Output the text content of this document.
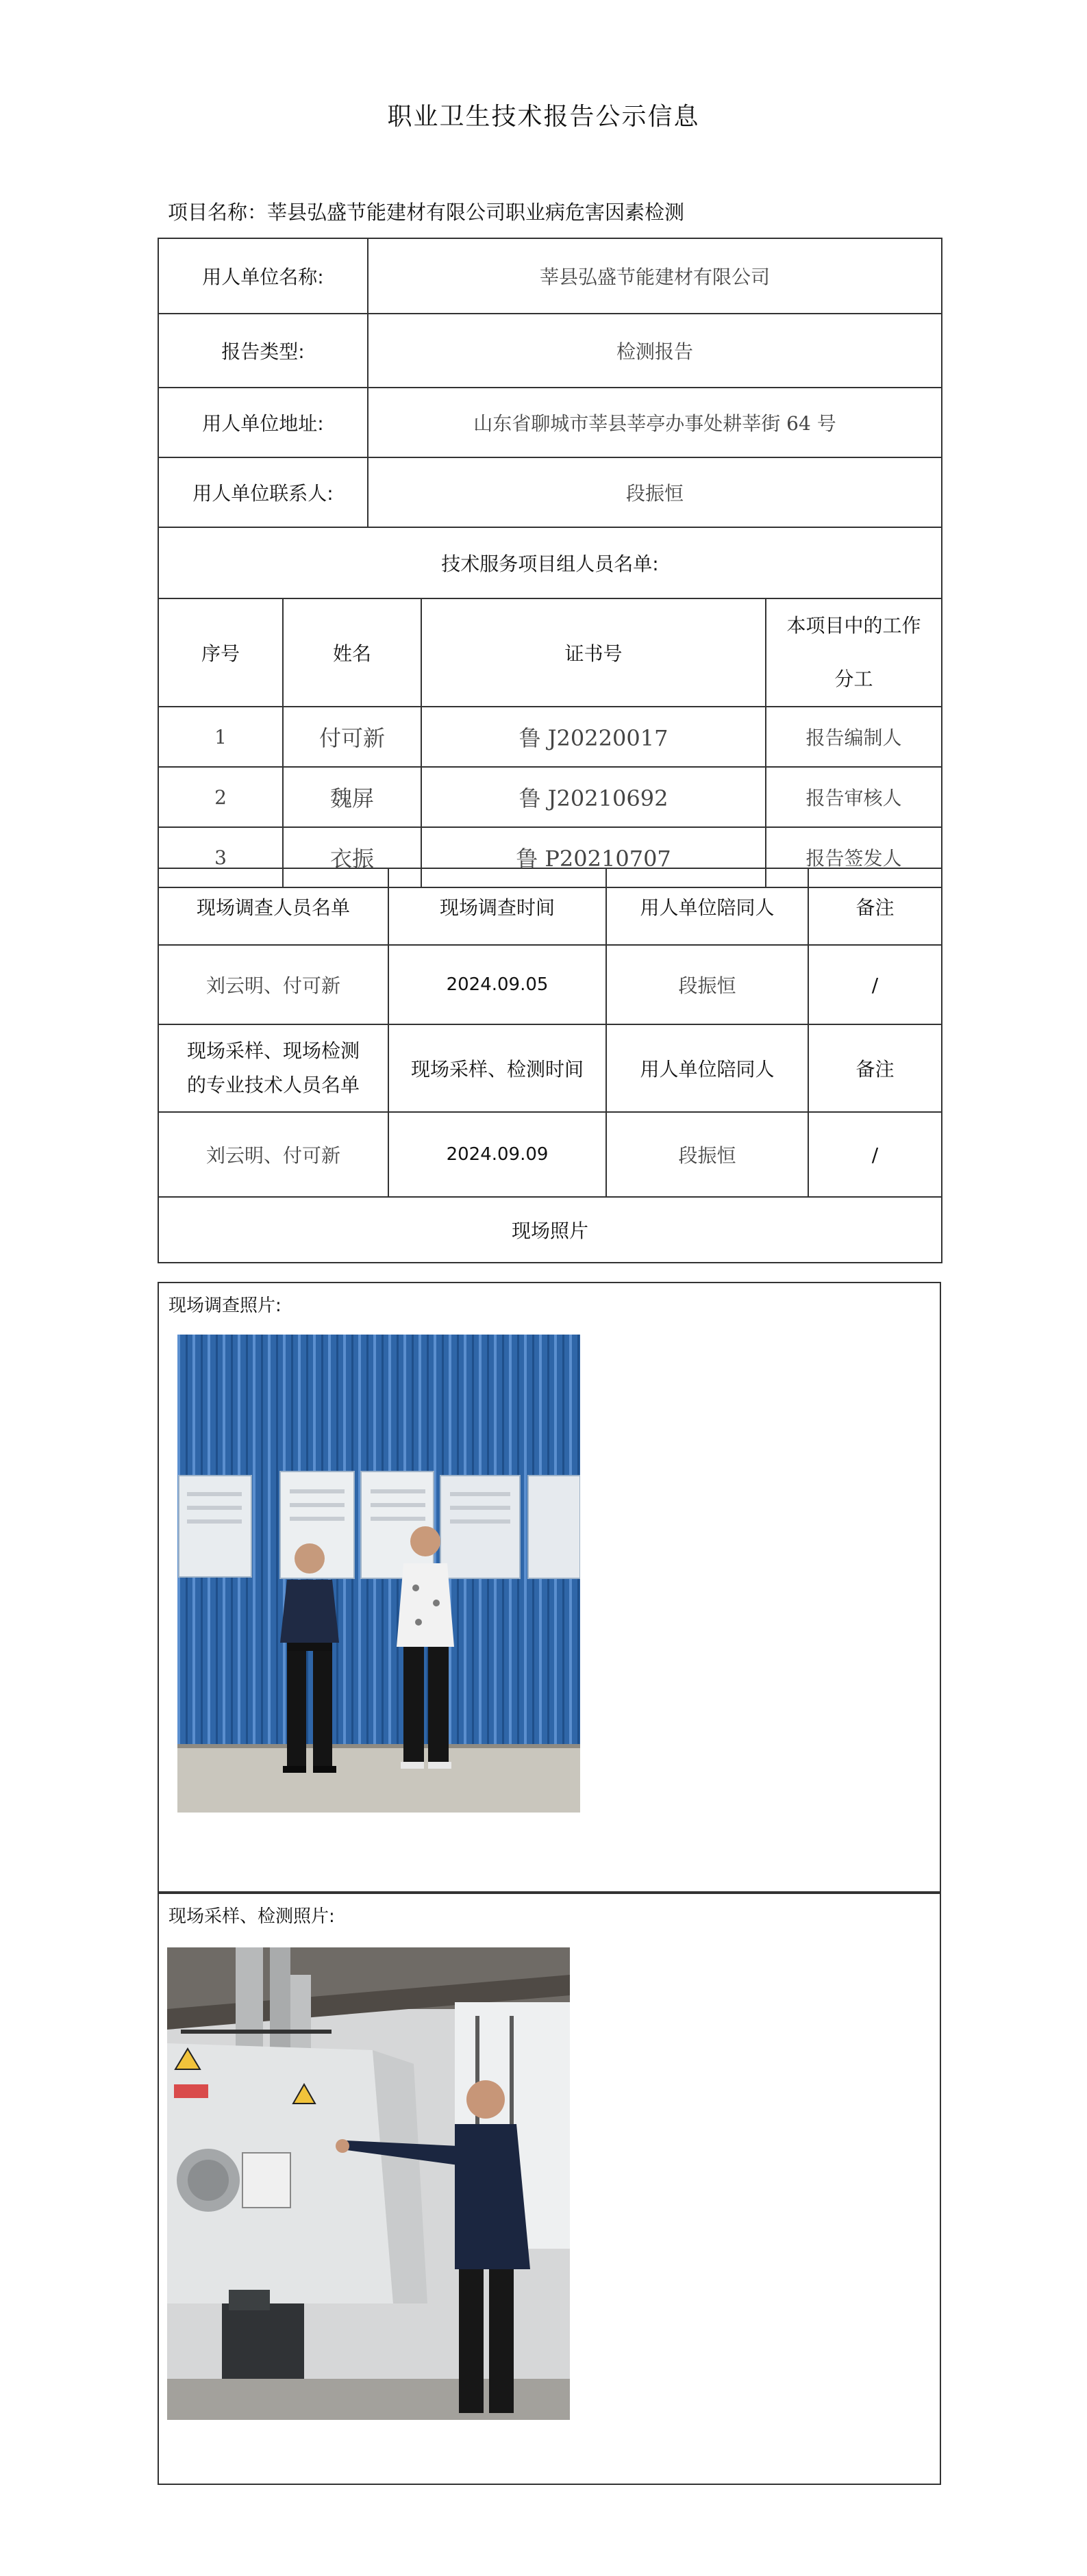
职业卫生技术报告公示信息
项目名称：莘县弘盛节能建材有限公司职业病危害因素检测
用人单位名称:	莘县弘盛节能建材有限公司
报告类型:	检测报告
用人单位地址:	山东省聊城市莘县莘亭办事处耕莘街 64 号
用人单位联系人:	段振恒
技术服务项目组人员名单:	
序号	姓名	证书号	本项目中的工作
分工

1	付可新	鲁 J20220017	报告编制人
2	魏屏	鲁 J20210692	报告审核人
3	衣振	鲁 P20210707	报告签发人
现场调查人员名单	现场调查时间	用人单位陪同人	备注
刘云明、付可新	2024.09.05	段振恒	/

现场采样、现场检测
的专业技术人员名单	现场采样、检测时间	用人单位陪同人	备注
刘云明、付可新	2024.09.09	段振恒	/
现场照片			
现场调查照片:
现场采样、检测照片:
